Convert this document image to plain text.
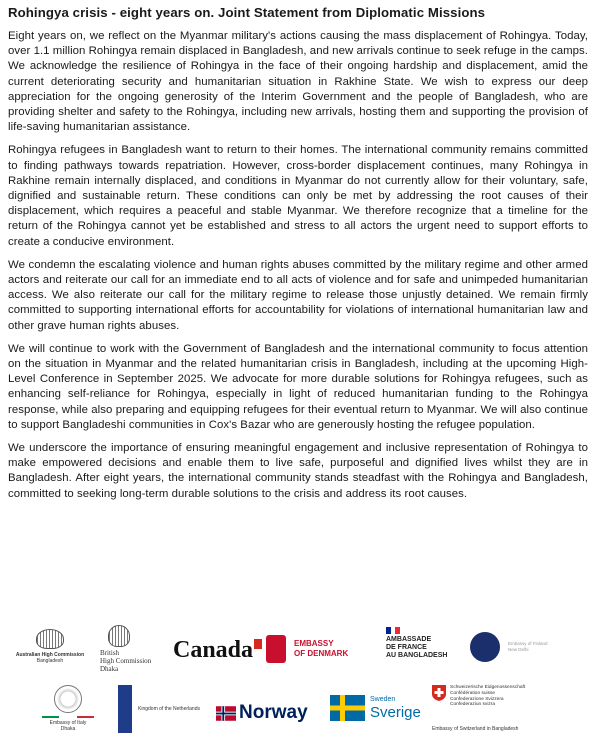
Rohingya crisis - eight years on. Joint Statement from Diplomatic Missions

Eight years on, we reflect on the Myanmar military's actions causing the mass displacement of Rohingya. Today, over 1.1 million Rohingya remain displaced in Bangladesh, and new arrivals continue to seek refuge in the camps. We acknowledge the resilience of Rohingya in the face of their ongoing hardship and displacement, amid the current deteriorating security and humanitarian situation in Rakhine State. We wish to express our deep appreciation for the ongoing generosity of the Interim Government and the people of Bangladesh, who are providing shelter and safety to the Rohingya, including new arrivals, hosting them and supporting the provision of life-saving humanitarian assistance.

Rohingya refugees in Bangladesh want to return to their homes. The international community remains committed to finding pathways towards repatriation. However, cross-border displacement continues, many Rohingya in Rakhine remain internally displaced, and conditions in Myanmar do not currently allow for their voluntary, safe, dignified and sustainable return. These conditions can only be met by addressing the root causes of their displacement, which requires a peaceful and stable Myanmar. We therefore recognize that a timeline for the return of the Rohingya cannot yet be established and stress to all actors the urgent need to support efforts to create a conducive environment.

We condemn the escalating violence and human rights abuses committed by the military regime and other armed actors and reiterate our call for an immediate end to all acts of violence and for safe and unimpeded humanitarian access. We also reiterate our call for the military regime to release those unjustly detained. We remain firmly committed to supporting international efforts for accountability for violations of international humanitarian law and other grave human rights abuses.

We will continue to work with the Government of Bangladesh and the international community to focus attention on the situation in Myanmar and the related humanitarian crisis in Bangladesh, including at the upcoming High-Level Conference in September 2025. We advocate for more durable solutions for Rohingya refugees, such as enhancing self-reliance for Rohingya, especially in light of reduced humanitarian funding to the Rohingya response, while also preparing and equipping refugees for their eventual return to Myanmar. We will also continue to support Bangladeshi communities in Cox's Bazar who are generously hosting the refugee population.

We underscore the importance of ensuring meaningful engagement and inclusive representation of Rohingya to make empowered decisions and enable them to live safe, purposeful and dignified lives whilst they are in Bangladesh. After eight years, the international community stands steadfast with the Rohingya and Bangladesh, committed to seeking long-term durable solutions to the crisis and address its root causes.

Australian High Commission
Bangladesh
British
High Commission
Dhaka
Canada	EMBASSY
OF DENMARK
AMBASSADE
DE FRANCE
AU BANGLADESH
Embassy of Finland
New Delhi
Embassy of Italy
Dhaka
Kingdom of the Netherlands Norway
Sweden
Sverige
Schweizerische Eidgenossenschaft
Confédération suisse
Confederazione Svizzera
Confederaziun svizra
Embassy of Switzerland in Bangladesh
